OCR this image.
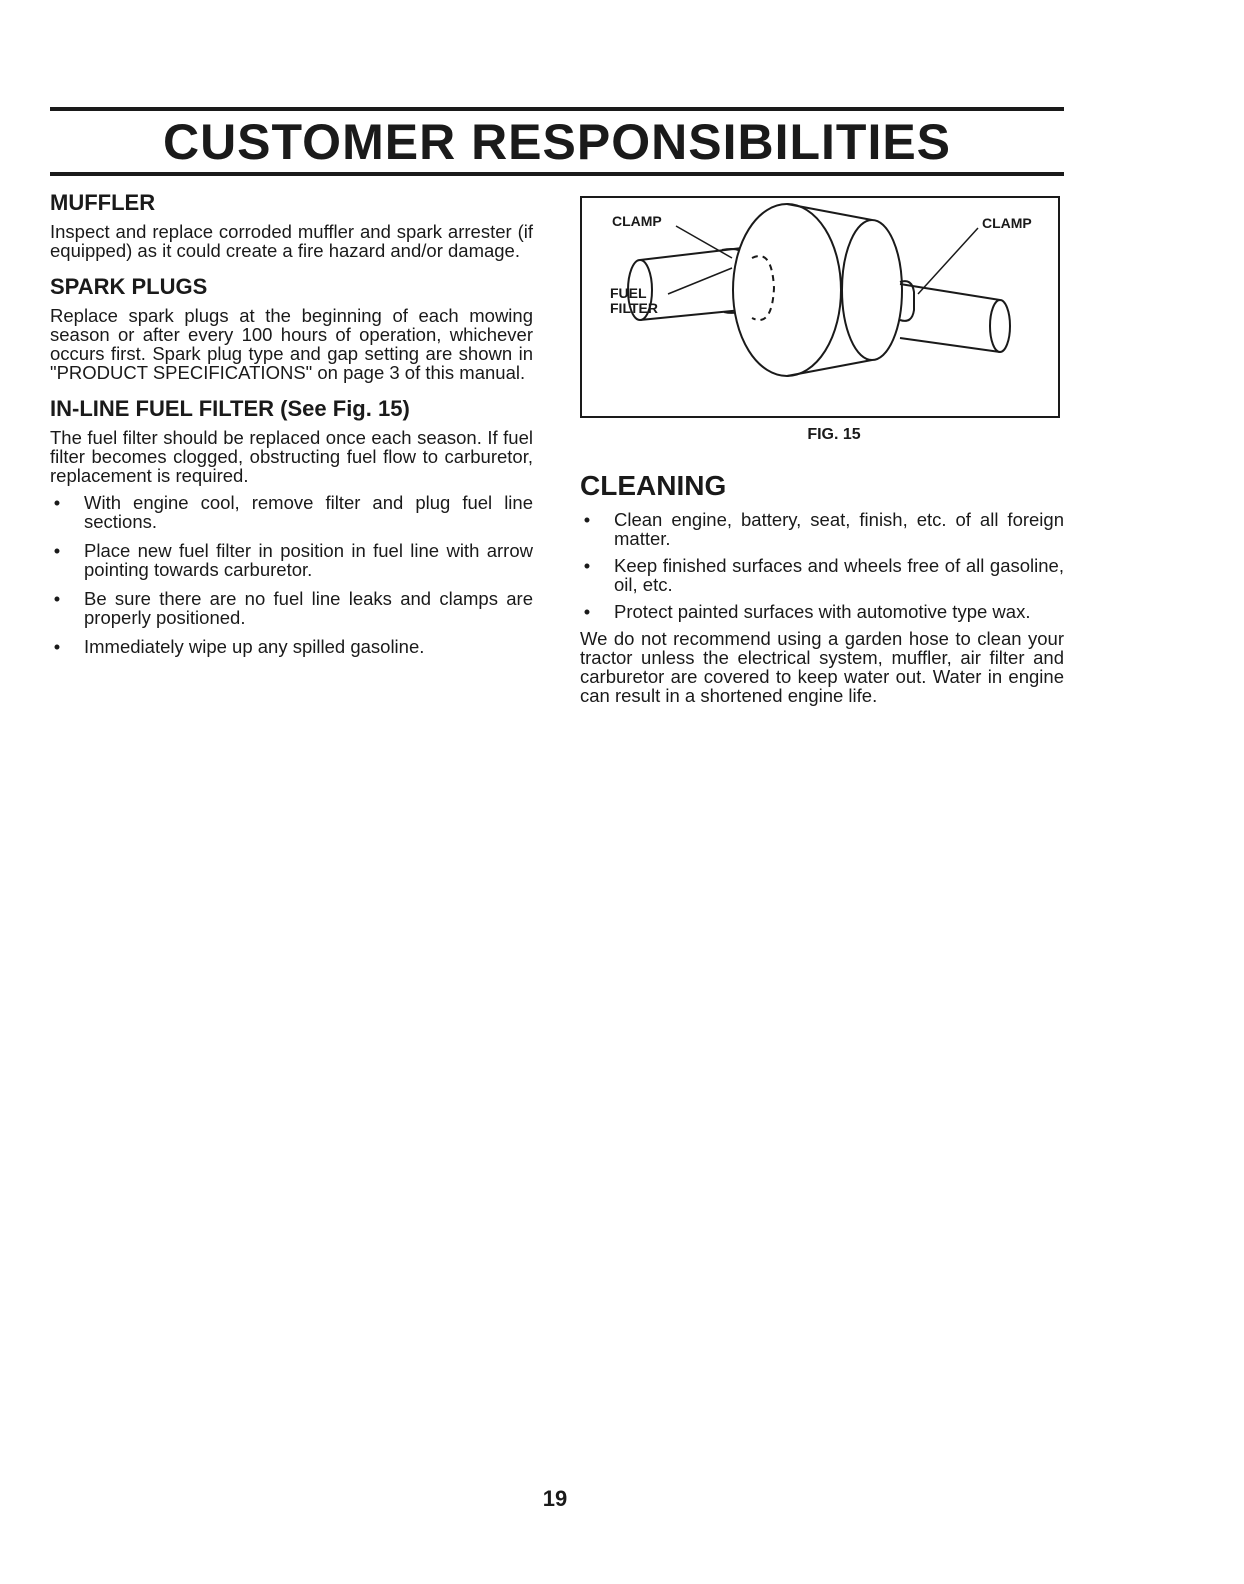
CUSTOMER RESPONSIBILITIES
MUFFLER

Inspect and replace corroded muffler and spark arrester (if equipped) as it could create a fire hazard and/or damage.

SPARK PLUGS

Replace spark plugs at the beginning of each mowing season or after every 100 hours of operation, whichever occurs first. Spark plug type and gap setting are shown in "PRODUCT SPECIFICATIONS" on page 3 of this manual.

IN-LINE FUEL FILTER (See Fig. 15)

The fuel filter should be replaced once each season. If fuel filter becomes clogged, obstructing fuel flow to carburetor, replacement is required.

• With engine cool, remove filter and plug fuel line sections.
• Place new fuel filter in position in fuel line with arrow pointing towards carburetor.
• Be sure there are no fuel line leaks and clamps are properly positioned.
• Immediately wipe up any spilled gasoline.
CLAMP	CLAMP
FUEL
FILTER
FIG. 15
CLEANING
• Clean engine, battery, seat, finish, etc. of all foreign matter.
• Keep finished surfaces and wheels free of all gasoline, oil, etc.
• Protect painted surfaces with automotive type wax.

We do not recommend using a garden hose to clean your tractor unless the electrical system, muffler, air filter and carburetor are covered to keep water out. Water in engine can result in a shortened engine life.

19
